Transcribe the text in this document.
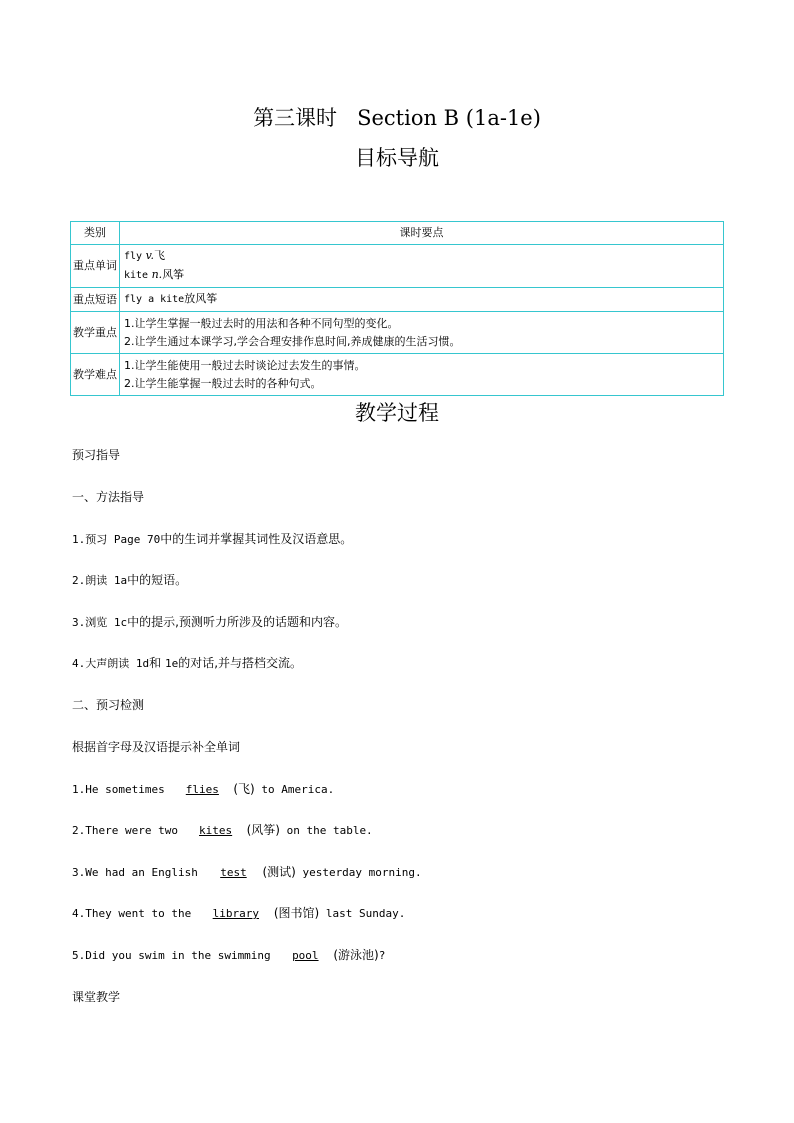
第三课时   Section B (1a-1e)
目标导航
类别	课时要点
重点单词	fly v.飞
kite n.风筝

重点短语	fly a kite放风筝
教学重点	1.让学生掌握一般过去时的用法和各种不同句型的变化。
2.让学生通过本课学习,学会合理安排作息时间,养成健康的生活习惯。

教学难点	1.让学生能使用一般过去时谈论过去发生的事情。
2.让学生能掌握一般过去时的各种句式。
教学过程
预习指导
一、方法指导
1.预习 Page 70中的生词并掌握其词性及汉语意思。
2.朗读 1a中的短语。
3.浏览 1c中的提示,预测听力所涉及的话题和内容。
4.大声朗读 1d和 1e的对话,并与搭档交流。
二、预习检测
根据首字母及汉语提示补全单词
1.He sometimes flies (飞) to America.
2.There were two kites (风筝) on the table.
3.We had an English test (测试) yesterday morning.
4.They went to the library (图书馆) last Sunday.
5.Did you swim in the swimming pool (游泳池)?
课堂教学
